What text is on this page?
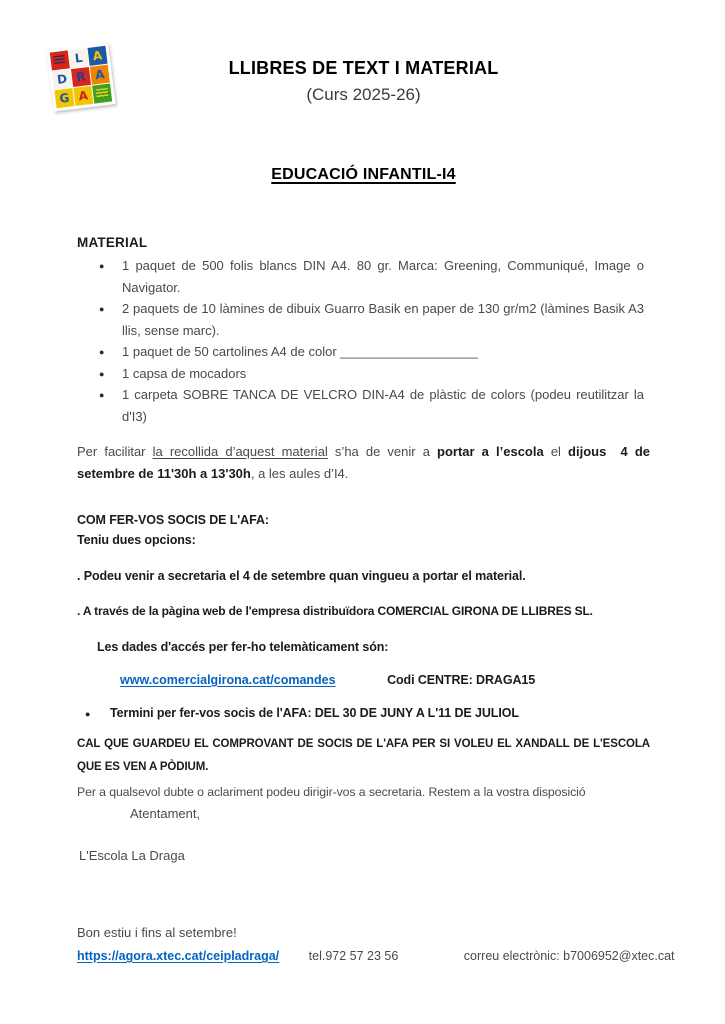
L A
D R A
G A
LLIBRES DE TEXT I MATERIAL
(Curs 2025-26)
EDUCACIÓ INFANTIL-I4
MATERIAL
● 1 paquet de 500 folis blancs DIN A4. 80 gr. Marca: Greening, Communiqué, Image o Navigator.
● 2 paquets de 10 làmines de dibuix Guarro Basik en paper de 130 gr/m2 (làmines Basik A3 llis, sense marc).
● 1 paquet de 50 cartolines A4 de color ___________________
● 1 capsa de mocadors
● 1 carpeta SOBRE TANCA DE VELCRO DIN-A4 de plàstic de colors (podeu reutilitzar la d'I3)

Per facilitar la recollida d’aquest material s’ha de venir a portar a l’escola el dijous  4 de setembre de 11'30h a 13'30h, a les aules d’I4.

COM FER-VOS SOCIS DE L'AFA:
Teniu dues opcions:
. Podeu venir a secretaria el 4 de setembre quan vingueu a portar el material.
. A través de la pàgina web de l'empresa distribuïdora COMERCIAL GIRONA DE LLIBRES SL.
Les dades d'accés per fer-ho telemàticament són:
www.comercialgirona.cat/comandes	Codi CENTRE: DRAGA15
● Termini per fer-vos socis de l'AFA: DEL 30 DE JUNY A L'11 DE JULIOL
CAL QUE GUARDEU EL COMPROVANT DE SOCIS DE L'AFA PER SI VOLEU EL XANDALL DE L'ESCOLA QUE ES VEN A PÒDIUM.
Per a qualsevol dubte o aclariment podeu dirigir-vos a secretaria. Restem a la vostra disposició
Atentament,
L'Escola La Draga
Bon estiu i fins al setembre!
https://agora.xtec.cat/ceipladraga/ tel.972 57 23 56	correu electrònic: b7006952@xtec.cat
